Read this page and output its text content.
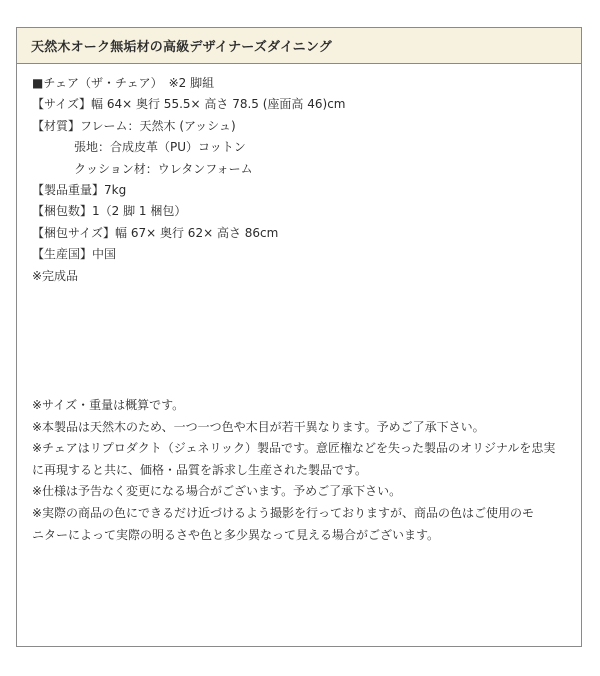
天然木オーク無垢材の高級デザイナーズダイニング
■チェア（ザ・チェア）　※2 脚組
【サイズ】幅 64× 奥行 55.5× 高さ 78.5 (座面高 46)cm
【材質】フレーム：天然木 (アッシュ)
張地：合成皮革（PU）コットン
クッション材：ウレタンフォーム
【製品重量】7kg
【梱包数】1（2 脚 1 梱包）
【梱包サイズ】幅 67× 奥行 62× 高さ 86cm
【生産国】中国
※完成品
※サイズ・重量は概算です。
※本製品は天然木のため、一つ一つ色や木目が若干異なります。予めご了承下さい。
※チェアはリプロダクト（ジェネリック）製品です。意匠権などを失った製品のオリジナルを忠実
に再現すると共に、価格・品質を訴求し生産された製品です。
※仕様は予告なく変更になる場合がございます。予めご了承下さい。
※実際の商品の色にできるだけ近づけるよう撮影を行っておりますが、商品の色はご使用のモ
ニターによって実際の明るさや色と多少異なって見える場合がございます。
